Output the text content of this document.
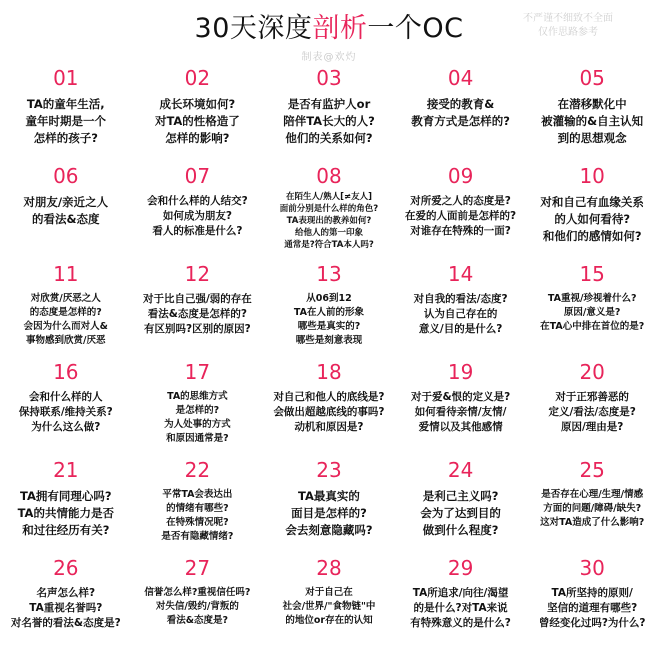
30天深度剖析一个OC
制表@欢灼
不严谨不细致不全面
仅作思路参考
01
TA的童年生活,
童年时期是一个
怎样的孩子?
02
成长环境如何?
对TA的性格造了
怎样的影响?
03
是否有监护人or
陪伴TA长大的人?
他们的关系如何?
04
接受的教育&
教育方式是怎样的?
05
在潜移默化中
被灌输的&自主认知
到的思想观念
06
对朋友/亲近之人
的看法&态度
07
会和什么样的人结交?
如何成为朋友?
看人的标准是什么?
08
在陌生人/熟人[≠友人]
面前分别是什么样的角色?
TA表现出的教养如何?
给他人的第一印象
通常是?符合TA本人吗?
09
对所爱之人的态度是?
在爱的人面前是怎样的?
对谁存在特殊的一面?
10
对和自己有血缘关系
的人如何看待?
和他们的感情如何?
11
对欣赏/厌恶之人
的态度是怎样的?
会因为什么而对人&
事物感到欣赏/厌恶
12
对于比自己强/弱的存在
看法&态度是怎样的?
有区别吗?区别的原因?
13
从06到12
TA在人前的形象
哪些是真实的?
哪些是刻意表现
14
对自我的看法/态度?
认为自己存在的
意义/目的是什么?
15
TA重视/珍视着什么?
原因/意义是?
在TA心中排在首位的是?
16
会和什么样的人
保持联系/维持关系?
为什么这么做?
17
TA的思维方式
是怎样的?
为人处事的方式
和原因通常是?
18
对自己和他人的底线是?
会做出超越底线的事吗?
动机和原因是?
19
对于爱&恨的定义是?
如何看待亲情/友情/
爱情以及其他感情
20
对于正邪善恶的
定义/看法/态度是?
原因/理由是?
21
TA拥有同理心吗?
TA的共情能力是否
和过往经历有关?
22
平常TA会表达出
的情绪有哪些?
在特殊情况呢?
是否有隐藏情绪?
23
TA最真实的
面目是怎样的?
会去刻意隐藏吗?
24
是利己主义吗?
会为了达到目的
做到什么程度?
25
是否存在心理/生理/情感
方面的问题/障碍/缺失?
这对TA造成了什么影响?
26
名声怎么样?
TA重视名誉吗?
对名誉的看法&态度是?
27
信誉怎么样?重视信任吗?
对失信/毁约/背叛的
看法&态度是?
28
对于自己在
社会/世界/"食物链"中
的地位or存在的认知
29
TA所追求/向往/渴望
的是什么?对TA来说
有特殊意义的是什么?
30
TA所坚持的原则/
坚信的道理有哪些?
曾经变化过吗?为什么?
